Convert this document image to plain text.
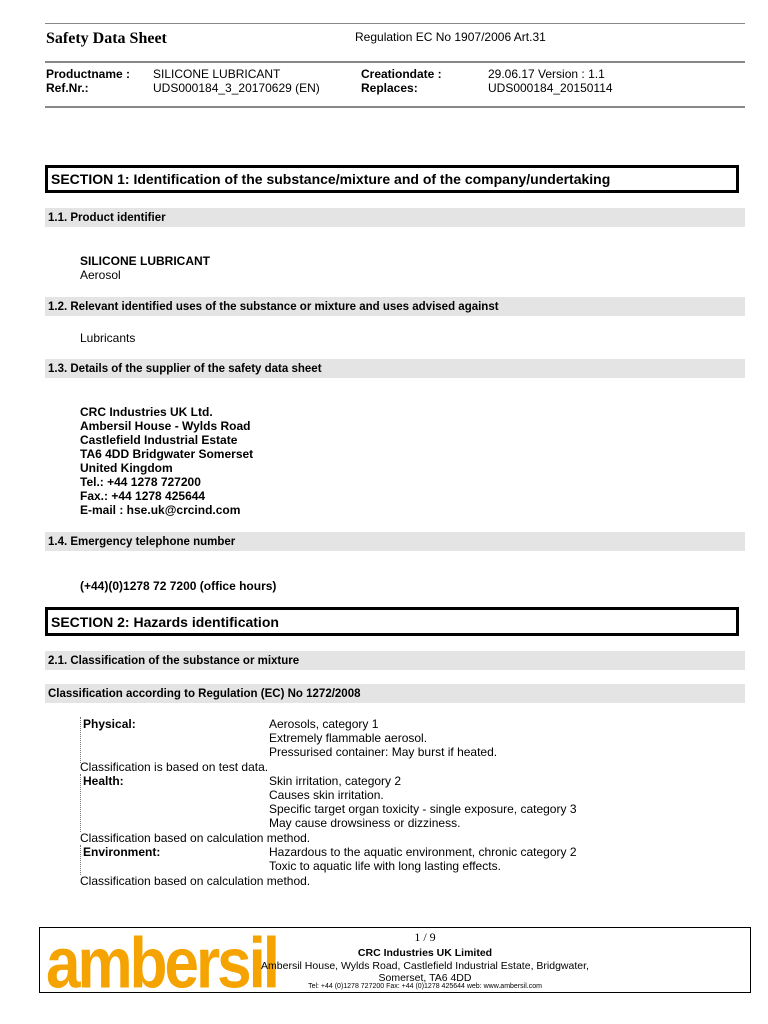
Safety Data Sheet	Regulation EC No 1907/2006 Art.31
Productname : SILICONE LUBRICANT	Creationdate :	29.06.17 Version : 1.1
Ref.Nr.:	UDS000184_3_20170629 (EN)	Replaces:	UDS000184_20150114
SECTION 1: Identification of the substance/mixture and of the company/undertaking
1.1. Product identifier
SILICONE LUBRICANT
Aerosol
1.2. Relevant identified uses of the substance or mixture and uses advised against
Lubricants
1.3. Details of the supplier of the safety data sheet
CRC Industries UK Ltd.
Ambersil House - Wylds Road
Castlefield Industrial Estate
TA6 4DD Bridgwater Somerset
United Kingdom
Tel.: +44 1278 727200
Fax.: +44 1278 425644
E-mail : hse.uk@crcind.com
1.4. Emergency telephone number
(+44)(0)1278 72 7200 (office hours)
SECTION 2: Hazards identification
2.1. Classification of the substance or mixture
Classification according to Regulation (EC) No 1272/2008
Physical:	Aerosols, category 1
Extremely flammable aerosol.
Pressurised container: May burst if heated.
Classification is based on test data.
Health:	Skin irritation, category 2
Causes skin irritation.
Specific target organ toxicity - single exposure, category 3
May cause drowsiness or dizziness.
Classification based on calculation method.
Environment:	Hazardous to the aquatic environment, chronic category 2
Toxic to aquatic life with long lasting effects.
Classification based on calculation method.
ambersil	1 / 9
CRC Industries UK Limited
Ambersil House, Wylds Road, Castlefield Industrial Estate, Bridgwater,
Somerset, TA6 4DD
Tel: +44 (0)1278 727200 Fax: +44 (0)1278 425644 web: www.ambersil.com
